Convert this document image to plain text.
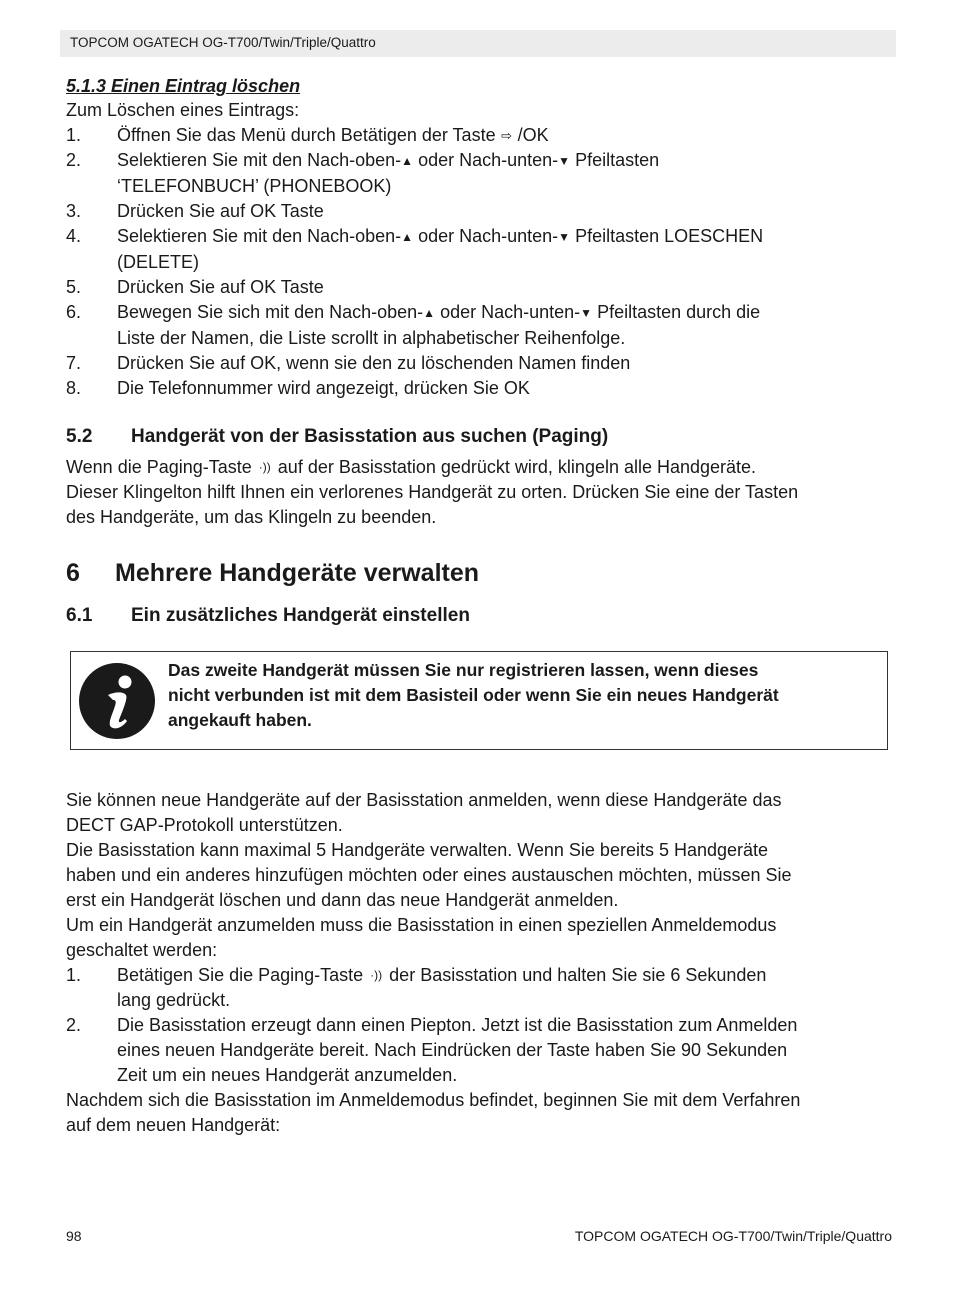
TOPCOM OGATECH OG-T700/Twin/Triple/Quattro
5.1.3 Einen Eintrag löschen

Zum Löschen eines Eintrags:

1.	Öffnen Sie das Menü durch Betätigen der Taste ⇨ /OK
2.	Selektieren Sie mit den Nach-oben-▲ oder Nach-unten-▼ Pfeiltasten
‘TELEFONBUCH’ (PHONEBOOK)
3.	Drücken Sie auf OK Taste
4.	Selektieren Sie mit den Nach-oben-▲ oder Nach-unten-▼ Pfeiltasten LOESCHEN
(DELETE)
5.	Drücken Sie auf OK Taste
6.	Bewegen Sie sich mit den Nach-oben-▲ oder Nach-unten-▼ Pfeiltasten durch die
Liste der Namen, die Liste scrollt in alphabetischer Reihenfolge.
7.	Drücken Sie auf OK, wenn sie den zu löschenden Namen finden
8.	Die Telefonnummer wird angezeigt, drücken Sie OK
5.2	Handgerät von der Basisstation aus suchen (Paging)

Wenn die Paging-Taste ·)) auf der Basisstation gedrückt wird, klingeln alle Handgeräte.
Dieser Klingelton hilft Ihnen ein verlorenes Handgerät zu orten. Drücken Sie eine der Tasten
des Handgeräte, um das Klingeln zu beenden.

6	Mehrere Handgeräte verwalten
6.1	Ein zusätzliches Handgerät einstellen
Das zweite Handgerät müssen Sie nur registrieren lassen, wenn dieses
nicht verbunden ist mit dem Basisteil oder wenn Sie ein neues Handgerät
angekauft haben.

Sie können neue Handgeräte auf der Basisstation anmelden, wenn diese Handgeräte das
DECT GAP-Protokoll unterstützen.
Die Basisstation kann maximal 5 Handgeräte verwalten. Wenn Sie bereits 5 Handgeräte
haben und ein anderes hinzufügen möchten oder eines austauschen möchten, müssen Sie
erst ein Handgerät löschen und dann das neue Handgerät anmelden.
Um ein Handgerät anzumelden muss die Basisstation in einen speziellen Anmeldemodus
geschaltet werden:

1.	Betätigen Sie die Paging-Taste ·)) der Basisstation und halten Sie sie 6 Sekunden
lang gedrückt.
2.	Die Basisstation erzeugt dann einen Piepton. Jetzt ist die Basisstation zum Anmelden
eines neuen Handgeräte bereit. Nach Eindrücken der Taste haben Sie 90 Sekunden
Zeit um ein neues Handgerät anzumelden.

Nachdem sich die Basisstation im Anmeldemodus befindet, beginnen Sie mit dem Verfahren
auf dem neuen Handgerät:

98	TOPCOM OGATECH OG-T700/Twin/Triple/Quattro
